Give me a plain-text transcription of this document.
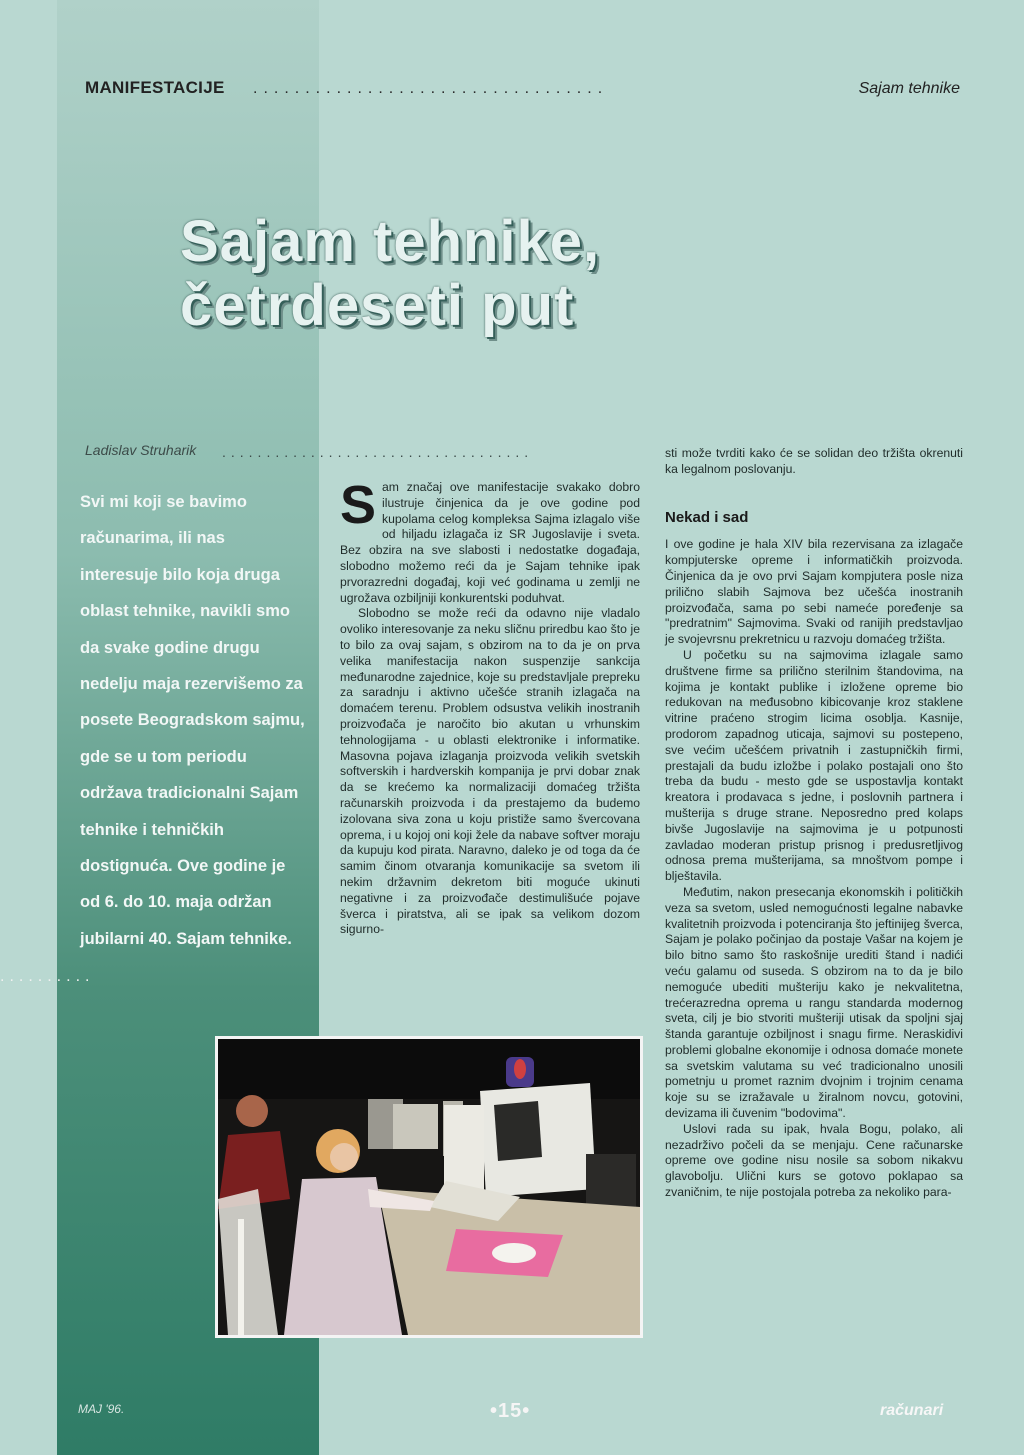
MANIFESTACIJE ..................................	Sajam tehnike
Sajam tehnike,
četrdeseti put
Ladislav Struharik ...................................
Svi mi koji se bavimo računarima, ili nas interesuje bilo koja druga oblast tehnike, navikli smo da svake godine drugu nedelju maja rezervišemo za posete Beogradskom sajmu, gde se u tom periodu održava tradicionalni Sajam tehnike i tehničkih dostignuća. Ove godine je od 6. do 10. maja održan jubilarni 40. Sajam tehnike.
..........

Sam značaj ove manifestacije svakako dobro ilustruje činjenica da je ove godine pod kupolama celog kompleksa Sajma izlagalo više od hiljadu izlagača iz SR Jugoslavije i sveta. Bez obzira na sve slabosti i nedostatke događaja, slobodno možemo reći da je Sajam tehnike ipak prvorazredni događaj, koji već godinama u zemlji ne ugrožava ozbiljniji konkurentski poduhvat.

Slobodno se može reći da odavno nije vladalo ovoliko interesovanje za neku sličnu priredbu kao što je to bilo za ovaj sajam, s obzirom na to da je on prva velika manifestacija nakon suspenzije sankcija međunarodne zajednice, koje su predstavljale prepreku za saradnju i aktivno učešće stranih izlagača na domaćem terenu. Problem odsustva velikih inostranih proizvođača je naročito bio akutan u vrhunskim tehnologijama - u oblasti elektronike i informatike. Masovna pojava izlaganja proizvoda velikih svetskih softverskih i hardverskih kompanija je prvi dobar znak da se krećemo ka normalizaciji domaćeg tržišta računarskih proizvoda i da prestajemo da budemo izolovana siva zona u koju pristiže samo švercovana oprema, i u kojoj oni koji žele da nabave softver moraju da kupuju kod pirata. Naravno, daleko je od toga da će samim činom otvaranja komunikacije sa svetom ili nekim državnim dekretom biti moguće ukinuti negativne i za proizvođače destimulišuće pojave šverca i piratstva, ali se ipak sa velikom dozom sigurno-

sti može tvrditi kako će se solidan deo tržišta okrenuti ka legalnom poslovanju.

Nekad i sad

I ove godine je hala XIV bila rezervisana za izlagače kompjuterske opreme i informatičkih proizvoda. Činjenica da je ovo prvi Sajam kompjutera posle niza prilično slabih Sajmova bez učešća inostranih proizvođača, sama po sebi nameće poređenje sa "predratnim" Sajmovima. Svaki od ranijih predstavljao je svojevrsnu prekretnicu u razvoju domaćeg tržišta.

U početku su na sajmovima izlagale samo društvene firme sa prilično sterilnim štandovima, na kojima je kontakt publike i izložene opreme bio redukovan na međusobno kibicovanje kroz staklene vitrine praćeno strogim licima osoblja. Kasnije, prodorom zapadnog uticaja, sajmovi su postepeno, sve većim učešćem privatnih i zastupničkih firmi, prestajali da budu izložbe i polako postajali ono što treba da budu - mesto gde se uspostavlja kontakt kreatora i prodavaca s jedne, i poslovnih partnera i mušterija s druge strane. Neposredno pred kolaps bivše Jugoslavije na sajmovima je u potpunosti zavladao moderan pristup prisnog i predusretljivog odnosa prema mušterijama, sa mnoštvom pompe i blještavila.

Međutim, nakon presecanja ekonomskih i političkih veza sa svetom, usled nemogućnosti legalne nabavke kvalitetnih proizvoda i potenciranja što jeftinijeg šverca, Sajam je polako počinjao da postaje Vašar na kojem je bilo bitno samo što raskošnije urediti štand i nadići veću galamu od suseda. S obzirom na to da je bilo nemoguće ubediti mušteriju kako je nekvalitetna, trećerazredna oprema u rangu standarda modernog sveta, cilj je bio stvoriti mušteriji utisak da spoljni sjaj štanda garantuje ozbiljnost i snagu firme. Neraskidivi problemi globalne ekonomije i odnosa domaće monete sa svetskim valutama su već tradicionalno unosili pometnju u promet raznim dvojnim i trojnim cenama koje su se izražavale u žiralnom novcu, gotovini, devizama ili čuvenim "bodovima".

Uslovi rada su ipak, hvala Bogu, polako, ali nezadrživo počeli da se menjaju. Cene računarske opreme ove godine nisu nosile sa sobom nikakvu glavobolju. Ulični kurs se gotovo poklapao sa zvaničnim, te nije postojala potreba za nekoliko para-

MAJ '96.	•15•	računari
